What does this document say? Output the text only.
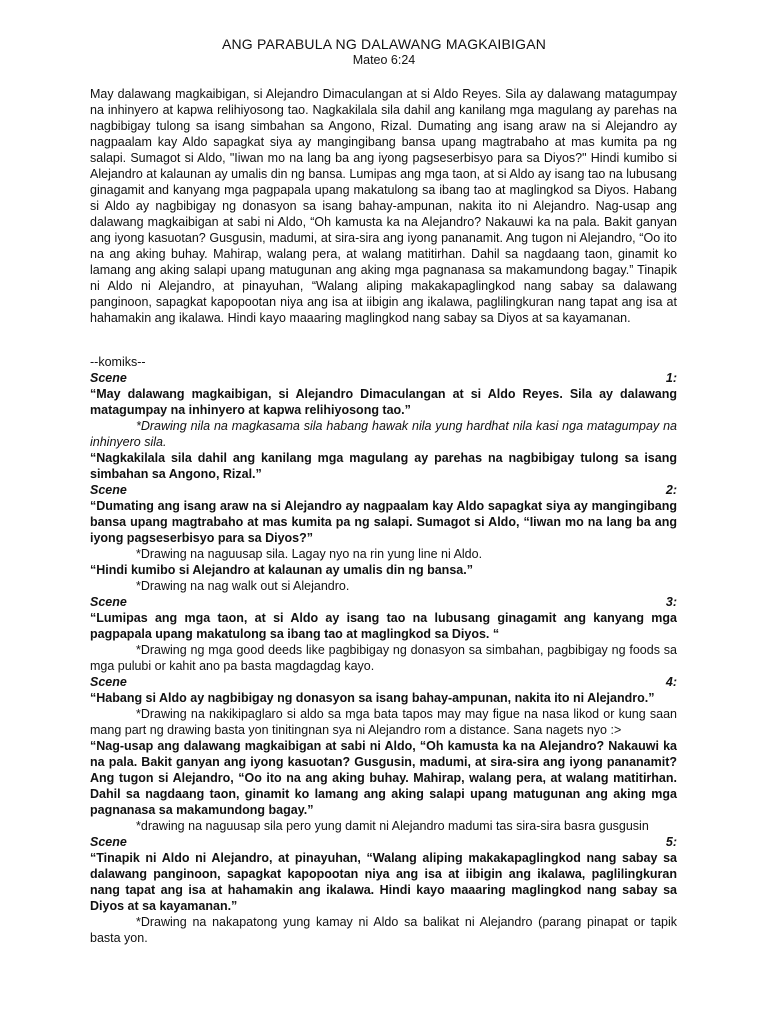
ANG PARABULA NG DALAWANG MAGKAIBIGAN
Mateo 6:24

May dalawang magkaibigan, si Alejandro Dimaculangan at si Aldo Reyes. Sila ay dalawang matagumpay na inhinyero at kapwa relihiyosong tao. Nagkakilala sila dahil ang kanilang mga magulang ay parehas na nagbibigay tulong sa isang simbahan sa Angono, Rizal. Dumating ang isang araw na si Alejandro ay nagpaalam kay Aldo sapagkat siya ay mangingibang bansa upang magtrabaho at mas kumita pa ng salapi. Sumagot si Aldo, "Iiwan mo na lang ba ang iyong pagseserbisyo para sa Diyos?" Hindi kumibo si Alejandro at kalaunan ay umalis din ng bansa. Lumipas ang mga taon, at si Aldo ay isang tao na lubusang ginagamit and kanyang mga pagpapala upang makatulong sa ibang tao at maglingkod sa Diyos. Habang si Aldo ay nagbibigay ng donasyon sa isang bahay-ampunan, nakita ito ni Alejandro. Nag-usap ang dalawang magkaibigan at sabi ni Aldo, “Oh kamusta ka na Alejandro? Nakauwi ka na pala. Bakit ganyan ang iyong kasuotan? Gusgusin, madumi, at sira-sira ang iyong pananamit. Ang tugon ni Alejandro, “Oo ito na ang aking buhay. Mahirap, walang pera, at walang matitirhan. Dahil sa nagdaang taon, ginamit ko lamang ang aking salapi upang matugunan ang aking mga pagnanasa sa makamundong bagay.” Tinapik ni Aldo ni Alejandro, at pinayuhan, “Walang aliping makakapaglingkod nang sabay sa dalawang panginoon, sapagkat kapopootan niya ang isa at iibigin ang ikalawa, paglilingkuran nang tapat ang isa at hahamakin ang ikalawa. Hindi kayo maaaring maglingkod nang sabay sa Diyos at sa kayamanan.

--komiks--
Scene	1:
“May dalawang magkaibigan, si Alejandro Dimaculangan at si Aldo Reyes. Sila ay dalawang matagumpay na inhinyero at kapwa relihiyosong tao.”
*Drawing nila na magkasama sila habang hawak nila yung hardhat nila kasi nga matagumpay na inhinyero sila.
“Nagkakilala sila dahil ang kanilang mga magulang ay parehas na nagbibigay tulong sa isang simbahan sa Angono, Rizal.”
Scene	2:
“Dumating ang isang araw na si Alejandro ay nagpaalam kay Aldo sapagkat siya ay mangingibang bansa upang magtrabaho at mas kumita pa ng salapi. Sumagot si Aldo, “Iiwan mo na lang ba ang iyong pagseserbisyo para sa Diyos?”
*Drawing na naguusap sila. Lagay nyo na rin yung line ni Aldo.
“Hindi kumibo si Alejandro at kalaunan ay umalis din ng bansa.”
*Drawing na nag walk out si Alejandro.
Scene	3:
“Lumipas ang mga taon, at si Aldo ay isang tao na lubusang ginagamit ang kanyang mga pagpapala upang makatulong sa ibang tao at maglingkod sa Diyos. “
*Drawing ng mga good deeds like pagbibigay ng donasyon sa simbahan, pagbibigay ng foods sa mga pulubi or kahit ano pa basta magdagdag kayo.
Scene	4:
“Habang si Aldo ay nagbibigay ng donasyon sa isang bahay-ampunan, nakita ito ni Alejandro.”
*Drawing na nakikipaglaro si aldo sa mga bata tapos may may figue na nasa likod or kung saan mang part ng drawing basta yon tinitingnan sya ni Alejandro rom a distance. Sana nagets nyo :>
“Nag-usap ang dalawang magkaibigan at sabi ni Aldo, “Oh kamusta ka na Alejandro? Nakauwi ka na pala. Bakit ganyan ang iyong kasuotan? Gusgusin, madumi, at sira-sira ang iyong pananamit? Ang tugon si Alejandro, “Oo ito na ang aking buhay. Mahirap, walang pera, at walang matitirhan. Dahil sa nagdaang taon, ginamit ko lamang ang aking salapi upang matugunan ang aking mga pagnanasa sa makamundong bagay.”
*drawing na naguusap sila pero yung damit ni Alejandro madumi tas sira-sira basra gusgusin
Scene	5:
“Tinapik ni Aldo ni Alejandro, at pinayuhan, “Walang aliping makakapaglingkod nang sabay sa dalawang panginoon, sapagkat kapopootan niya ang isa at iibigin ang ikalawa, paglilingkuran nang tapat ang isa at hahamakin ang ikalawa. Hindi kayo maaaring maglingkod nang sabay sa Diyos at sa kayamanan.”
*Drawing na nakapatong yung kamay ni Aldo sa balikat ni Alejandro (parang pinapat or tapik basta yon.
